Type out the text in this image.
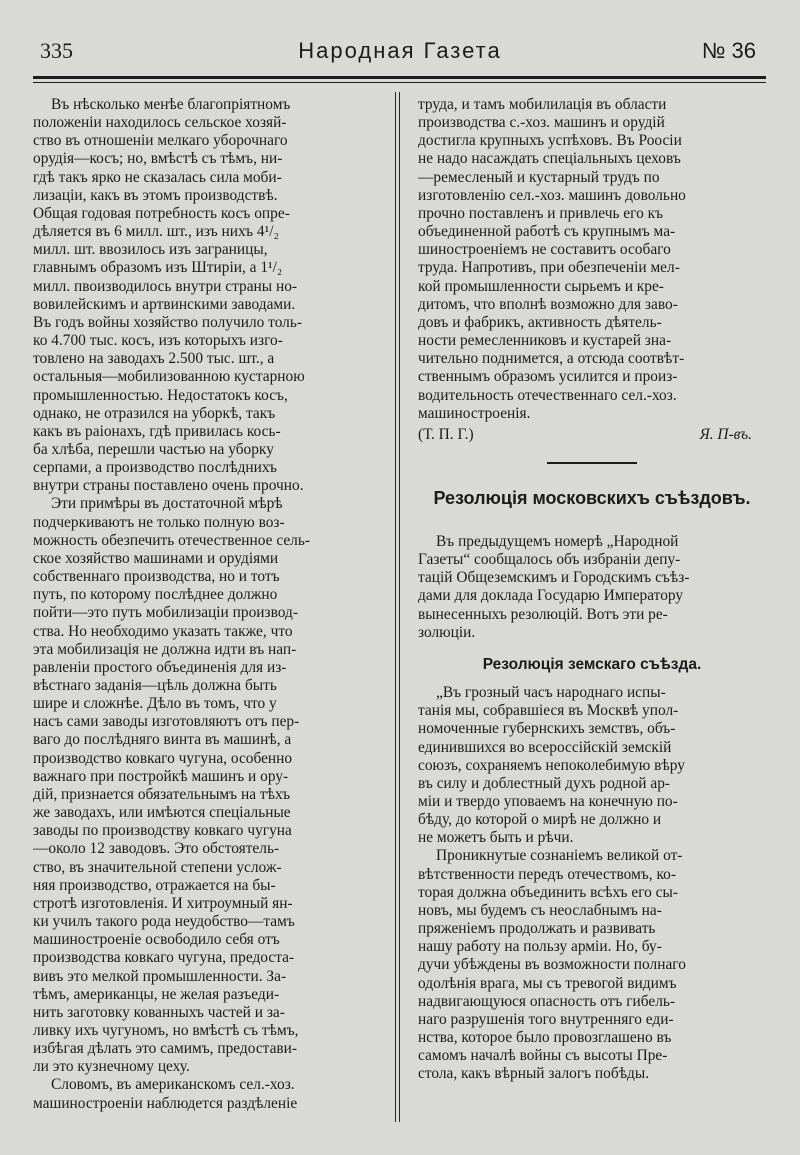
335	Народная Газета	№ 36

Въ нѣсколько менѣе благопріятномъ

положеніи находилось сельское хозяй-

ство въ отношеніи мелкаго уборочнаго

орудія—косъ; но, вмѣстѣ съ тѣмъ, ни-

гдѣ такъ ярко не сказалась сила моби-

лизаціи, какъ въ этомъ производствѣ.

Общая годовая потребность косъ опре-

дѣляется въ 6 милл. шт., изъ нихъ 4¹/₂

милл. шт. ввозилось изъ заграницы,

главнымъ образомъ изъ Штиріи, а 1¹/₂

милл. пвоизводилось внутри страны но-

вовилейскимъ и артвинскими заводами.

Въ годъ войны хозяйство получило толь-

ко 4.700 тыс. косъ, изъ которыхъ изго-

товлено на заводахъ 2.500 тыс. шт., а

остальныя—мобилизованною кустарною

промышленностью. Недостатокъ косъ,

однако, не отразился на уборкѣ, такъ

какъ въ раіонахъ, гдѣ привилась кось-

ба хлѣба, перешли частью на уборку

серпами, а производство послѣднихъ

внутри страны поставлено очень прочно.

Эти примѣры въ достаточной мѣрѣ

подчеркиваютъ не только полную воз-

можность обезпечить отечественное сель-

ское хозяйство машинами и орудіями

собственнаго производства, но и тотъ

путь, по которому послѣднее должно

пойти—это путь мобилизаціи производ-

ства. Но необходимо указать также, что

эта мобилизація не должна идти въ нап-

равленіи простого объединенія для из-

вѣстнаго заданія—цѣль должна быть

шире и сложнѣе. Дѣло въ томъ, что у

насъ сами заводы изготовляютъ отъ пер-

ваго до послѣдняго винта въ машинѣ, а

производство ковкаго чугуна, особенно

важнаго при постройкѣ машинъ и ору-

дій, признается обязательнымъ на тѣхъ

же заводахъ, или имѣются спеціальные

заводы по производству ковкаго чугуна

—около 12 заводовъ. Это обстоятель-

ство, въ значительной степени услож-

няя производство, отражается на бы-

стротѣ изготовленія. И хитроумный ян-

ки училъ такого рода неудобство—тамъ

машиностроеніе освободило себя отъ

производства ковкаго чугуна, предоста-

вивъ это мелкой промышленности. За-

тѣмъ, американцы, не желая разъеди-

нить заготовку кованныхъ частей и за-

ливку ихъ чугуномъ, но вмѣстѣ съ тѣмъ,

избѣгая дѣлать это самимъ, предостави-

ли это кузнечному цеху.

Словомъ, въ американскомъ сел.-хоз.

машиностроеніи наблюдется раздѣленіе

труда, и тамъ мобилилація въ области

производства с.-хоз. машинъ и орудій

достигла крупныхъ успѣховъ. Въ Роосіи

не надо насаждать спеціальныхъ цеховъ

—ремесленый и кустарный трудъ по

изготовленію сел.-хоз. машинъ довольно

прочно поставленъ и привлечь его къ

объединенной работѣ съ крупнымъ ма-

шиностроеніемъ не составитъ особаго

труда. Напротивъ, при обезпеченіи мел-

кой промышленности сырьемъ и кре-

дитомъ, что вполнѣ возможно для заво-

довъ и фабрикъ, активность дѣятель-

ности ремесленниковъ и кустарей зна-

чительно поднимется, а отсюда соотвѣт-

ственнымъ образомъ усилится и произ-

водительность отечественнаго сел.-хоз.

машиностроенія.

(Т. П. Г.)	Я. П-въ.
Резолюція московскихъ съѣздовъ.

Въ предыдущемъ номерѣ „Народной

Газеты“ сообщалось объ избраніи депу-

тацій Общеземскимъ и Городскимъ съѣз-

дами для доклада Государю Императору

вынесенныхъ резолюцій. Вотъ эти ре-

золюціи.

Резолюція земскаго съѣзда.

„Въ грозный часъ народнаго испы-

танія мы, собравшіеся въ Москвѣ упол-

номоченные губернскихъ земствъ, объ-

единившихся во всероссійскій земскій

союзъ, сохраняемъ непоколебимую вѣру

въ силу и доблестный духъ родной ар-

міи и твердо уповаемъ на конечную по-

бѣду, до которой о мирѣ не должно и

не можетъ быть и рѣчи.

Проникнутые сознаніемъ великой от-

вѣтственности передъ отечествомъ, ко-

торая должна объединить всѣхъ его сы-

новъ, мы будемъ съ неослабнымъ на-

пряженіемъ продолжать и развивать

нашу работу на пользу арміи. Но, бу-

дучи убѣждены въ возможности полнаго

одолѣнія врага, мы съ тревогой видимъ

надвигающуюся опасность отъ гибель-

наго разрушенія того внутренняго еди-

нства, которое было провозглашено въ

самомъ началѣ войны съ высоты Пре-

стола, какъ вѣрный залогъ побѣды.
